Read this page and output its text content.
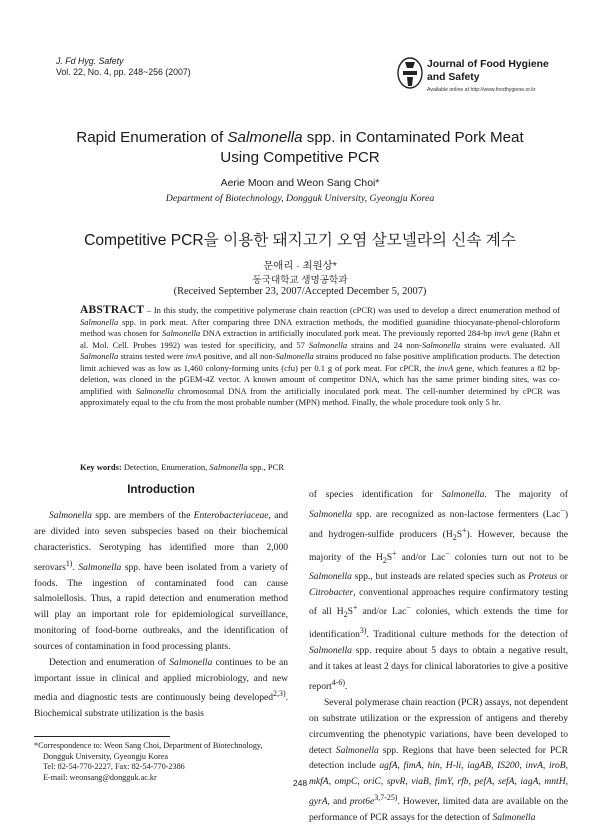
J. Fd Hyg. Safety
Vol. 22, No. 4, pp. 248~256 (2007)
Journal of Food Hygiene and Safety
Available online at http://www.foodhygiene.or.kr
Rapid Enumeration of Salmonella spp. in Contaminated Pork Meat Using Competitive PCR
Aerie Moon and Weon Sang Choi*
Department of Biotechnology, Dongguk University, Gyeongju Korea
Competitive PCR을 이용한 돼지고기 오염 살모넬라의 신속 계수
문애리 · 최원상*
동국대학교 생명공학과
(Received September 23, 2007/Accepted December 5, 2007)
ABSTRACT – In this study, the competitive polymerase chain reaction (cPCR) was used to develop a direct enumeration method of Salmonella spp. in pork meat. After comparing three DNA extraction methods, the modified guanidine thiocyanate-phenol-chloroform method was chosen for Salmonella DNA extraction in artificially inoculated pork meat. The previously reported 284-bp invA gene (Rahn et al. Mol. Cell. Probes 1992) was tested for specificity, and 57 Salmonella strains and 24 non-Salmonella strains were evaluated. All Salmonella strains tested were invA positive, and all non-Salmonella strains produced no false positive amplification products. The detection limit achieved was as low as 1,460 colony-forming units (cfu) per 0.1 g of pork meat. For cPCR, the invA gene, which features a 82 bp-deletion, was cloned in the pGEM-4Z vector. A known amount of competitor DNA, which has the same primer binding sites, was co-amplified with Salmonella chromosomal DNA from the artificially inoculated pork meat. The cell-number determined by cPCR was approximately equal to the cfu from the most probable number (MPN) method. Finally, the whole procedure took only 5 hr.
Key words: Detection, Enumeration, Salmonella spp., PCR
Introduction

Salmonella spp. are members of the Enterobacteriaceae, and are divided into seven subspecies based on their biochemical characteristics. Serotyping has identified more than 2,000 serovars$^{1)}$. Salmonella spp. have been isolated from a variety of foods. The ingestion of contaminated food can cause salmolellosis. Thus, a rapid detection and enumeration method will play an important role for epidemiological surveillance, monitoring of food-borne outbreaks, and the identification of sources of contamination in food processing plants.

Detection and enumeration of Salmonella continues to be an important issue in clinical and applied microbiology, and new media and diagnostic tests are continuously being developed$^{2,3)}$. Biochemical substrate utilization is the basis

of species identification for Salmonella. The majority of Salmonella spp. are recognized as non-lactose fermenters (Lac−) and hydrogen-sulfide producers $(H_2S^+)$. However, because the majority of the $H_2S^+$ and/or Lac− colonies turn out not to be Salmonella spp., but insteads are related species such as Proteus or Citrobacter, conventional approaches require confirmatory testing of all $H_2S^+$ and/or Lac− colonies, which extends the time for identification$^{3)}$. Traditional culture methods for the detection of Salmonella spp. require about 5 days to obtain a negative result, and it takes at least 2 days for clinical laboratories to give a positive report$^{4-6)}$.

Several polymerase chain reaction (PCR) assays, not dependent on substrate utilization or the expression of antigens and thereby circumventing the phenotypic variations, have been developed to detect Salmonella spp. Regions that have been selected for PCR detection include agfA, fimA, hin, H-li, iagAB, IS200, invA, iroB, mkfA, ompC, oriC, spvR, viaB, fimY, rfb, pefA, sefA, iagA, mntH, gyrA, and $prot6e^{3,7-25)}$. However, limited data are available on the performance of PCR assays for the detection of Salmonella

*Correspondence to: Weon Sang Choi, Department of Biotechnology, Dongguk University, Gyeongju Korea
Tel: 82-54-770-2227, Fax: 82-54-770-2386
E-mail: weonsang@dongguk.ac.kr
248
